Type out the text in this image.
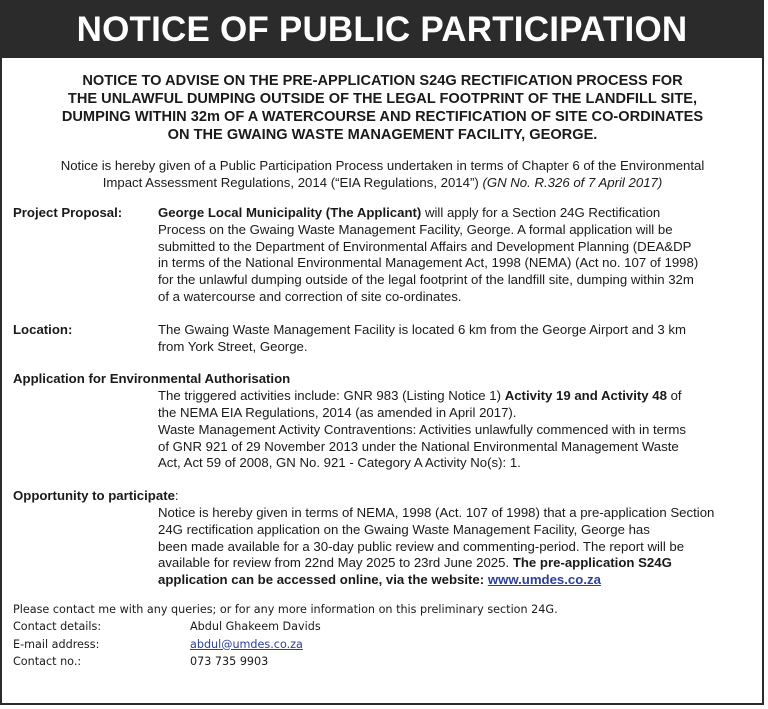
NOTICE OF PUBLIC PARTICIPATION
NOTICE TO ADVISE ON THE PRE-APPLICATION S24G RECTIFICATION PROCESS FOR
THE UNLAWFUL DUMPING OUTSIDE OF THE LEGAL FOOTPRINT OF THE LANDFILL SITE,
DUMPING WITHIN 32m OF A WATERCOURSE AND RECTIFICATION OF SITE CO-ORDINATES
ON THE GWAING WASTE MANAGEMENT FACILITY, GEORGE.
Notice is hereby given of a Public Participation Process undertaken in terms of Chapter 6 of the Environmental
Impact Assessment Regulations, 2014 (“EIA Regulations, 2014”) (GN No. R.326 of 7 April 2017)
Project Proposal:	George Local Municipality (The Applicant) will apply for a Section 24G Rectification
Process on the Gwaing Waste Management Facility, George. A formal application will be
submitted to the Department of Environmental Affairs and Development Planning (DEA&DP
in terms of the National Environmental Management Act, 1998 (NEMA) (Act no. 107 of 1998)
for the unlawful dumping outside of the legal footprint of the landfill site, dumping within 32m
of a watercourse and correction of site co-ordinates.
Location:	The Gwaing Waste Management Facility is located 6 km from the George Airport and 3 km
from York Street, George.
Application for Environmental Authorisation
The triggered activities include: GNR 983 (Listing Notice 1) Activity 19 and Activity 48 of
the NEMA EIA Regulations, 2014 (as amended in April 2017).
Waste Management Activity Contraventions: Activities unlawfully commenced with in terms
of GNR 921 of 29 November 2013 under the National Environmental Management Waste
Act, Act 59 of 2008, GN No. 921 - Category A Activity No(s): 1.
Opportunity to participate:
Notice is hereby given in terms of NEMA, 1998 (Act. 107 of 1998) that a pre-application Section
24G rectification application on the Gwaing Waste Management Facility, George has
been made available for a 30-day public review and commenting-period. The report will be
available for review from 22nd May 2025 to 23rd June 2025. The pre-application S24G
application can be accessed online, via the website: www.umdes.co.za
Please contact me with any queries; or for any more information on this preliminary section 24G.
Contact details:	Abdul Ghakeem Davids
E-mail address:	abdul@umdes.co.za
Contact no.:	073 735 9903
